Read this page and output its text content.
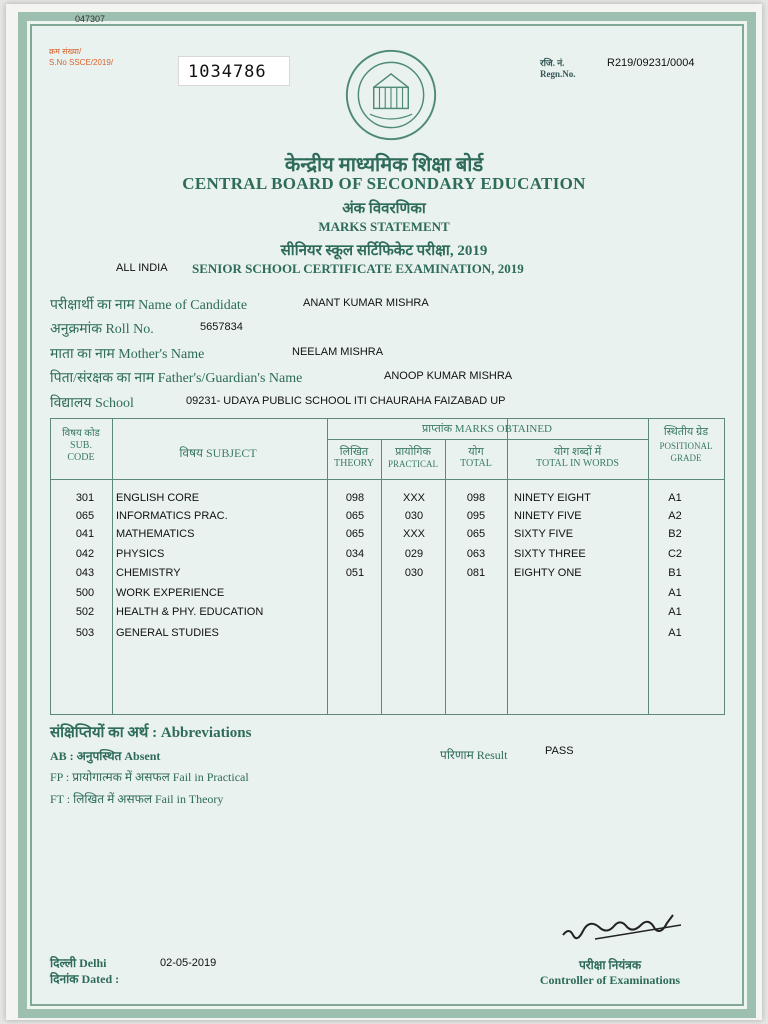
047307
क्रम संख्या/
S.No SSCE/2019/	1034786	रजि. नं.
Regn.No.
R219/09231/0004
केन्द्रीय माध्यमिक शिक्षा बोर्ड
CENTRAL BOARD OF SECONDARY EDUCATION
अंक विवरणिका
MARKS STATEMENT
सीनियर स्कूल सर्टिफिकेट परीक्षा, 2019
ALL INDIA SENIOR SCHOOL CERTIFICATE EXAMINATION, 2019
परीक्षार्थी का नाम Name of Candidate	ANANT KUMAR MISHRA
अनुक्रमांक Roll No.	5657834
माता का नाम Mother's Name	NEELAM MISHRA
पिता/संरक्षक का नाम Father's/Guardian's Name	ANOOP KUMAR MISHRA
विद्यालय School	09231- UDAYA PUBLIC SCHOOL ITI CHAURAHA FAIZABAD UP
विषय कोड
SUB. CODE	विषय SUBJECT
प्राप्तांक MARKS OBTAINED
लिखित
THEORY
प्रायोगिक
PRACTICAL
योग
TOTAL
योग शब्दों में
TOTAL IN WORDS
स्थितीय ग्रेड
POSITIONAL GRADE
301	ENGLISH CORE	098	XXX	098	NINETY EIGHT	A1
065	INFORMATICS PRAC.	065	030	095	NINETY FIVE	A2
041	MATHEMATICS	065	XXX	065	SIXTY FIVE	B2
042	PHYSICS	034	029	063	SIXTY THREE	C2
043	CHEMISTRY	051	030	081	EIGHTY ONE	B1
500	WORK EXPERIENCE	A1
502	HEALTH & PHY. EDUCATION	A1
503	GENERAL STUDIES	A1
संक्षिप्तियों का अर्थ : Abbreviations
AB : अनुपस्थित Absent
FP : प्रायोगात्मक में असफल Fail in Practical
FT : लिखित में असफल Fail in Theory
परिणाम Result	PASS
दिल्ली Delhi
दिनांक Dated :
02-05-2019	परीक्षा नियंत्रक
Controller of Examinations
